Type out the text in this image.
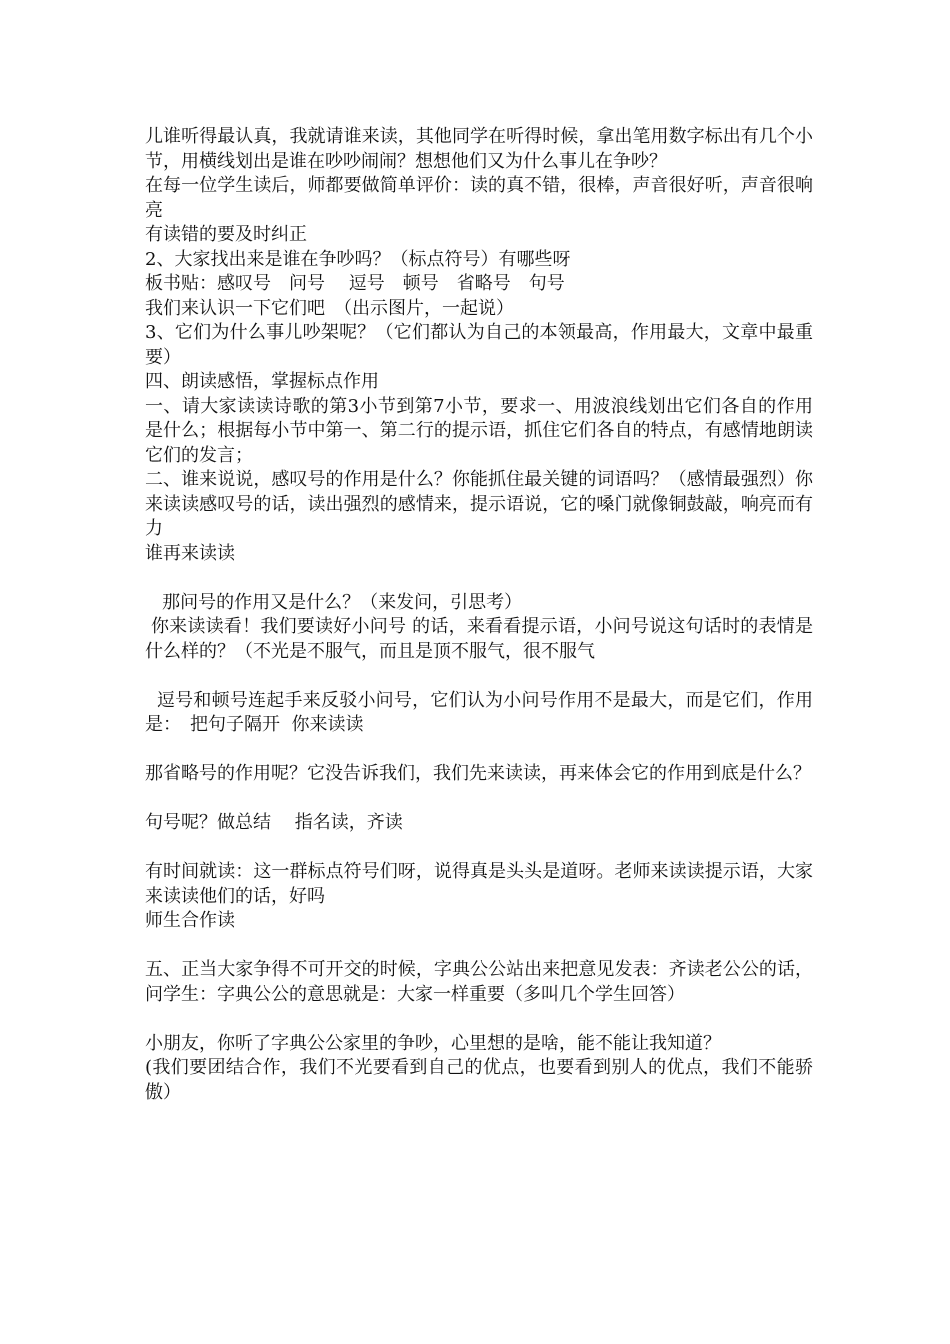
儿谁听得最认真，我就请谁来读，其他同学在听得时候，拿出笔用数字标出有几个小节，用横线划出是谁在吵吵闹闹？想想他们又为什么事儿在争吵？

在每一位学生读后，师都要做简单评价：读的真不错，很棒，声音很好听，声音很响亮

有读错的要及时纠正

2、大家找出来是谁在争吵吗？（标点符号）有哪些呀

板书贴：感叹号　问号　 逗号　顿号　省略号　句号

我们来认识一下它们吧　（出示图片，一起说）

3、它们为什么事儿吵架呢？（它们都认为自己的本领最高，作用最大，文章中最重要）

四、朗读感悟，掌握标点作用

一、请大家读读诗歌的第3小节到第7小节，要求一、用波浪线划出它们各自的作用是什么；根据每小节中第一、第二行的提示语，抓住它们各自的特点，有感情地朗读它们的发言；

二、谁来说说，感叹号的作用是什么？你能抓住最关键的词语吗？（感情最强烈）你来读读感叹号的话，读出强烈的感情来，提示语说，它的嗓门就像铜鼓敲，响亮而有力

谁再来读读

那问号的作用又是什么？（来发问，引思考）

你来读读看！我们要读好小问号 的话，来看看提示语，小问号说这句话时的表情是什么样的？（不光是不服气，而且是顶不服气，很不服气

逗号和顿号连起手来反驳小问号，它们认为小问号作用不是最大，而是它们，作用是：　把句子隔开  你来读读

那省略号的作用呢？它没告诉我们，我们先来读读，再来体会它的作用到底是什么？

句号呢？做总结　 指名读，齐读

有时间就读：这一群标点符号们呀，说得真是头头是道呀。老师来读读提示语，大家来读读他们的话，好吗

师生合作读

五、正当大家争得不可开交的时候，字典公公站出来把意见发表：齐读老公公的话，问学生：字典公公的意思就是：大家一样重要（多叫几个学生回答）

小朋友，你听了字典公公家里的争吵，心里想的是啥，能不能让我知道？

(我们要团结合作，我们不光要看到自己的优点，也要看到别人的优点，我们不能骄傲）
